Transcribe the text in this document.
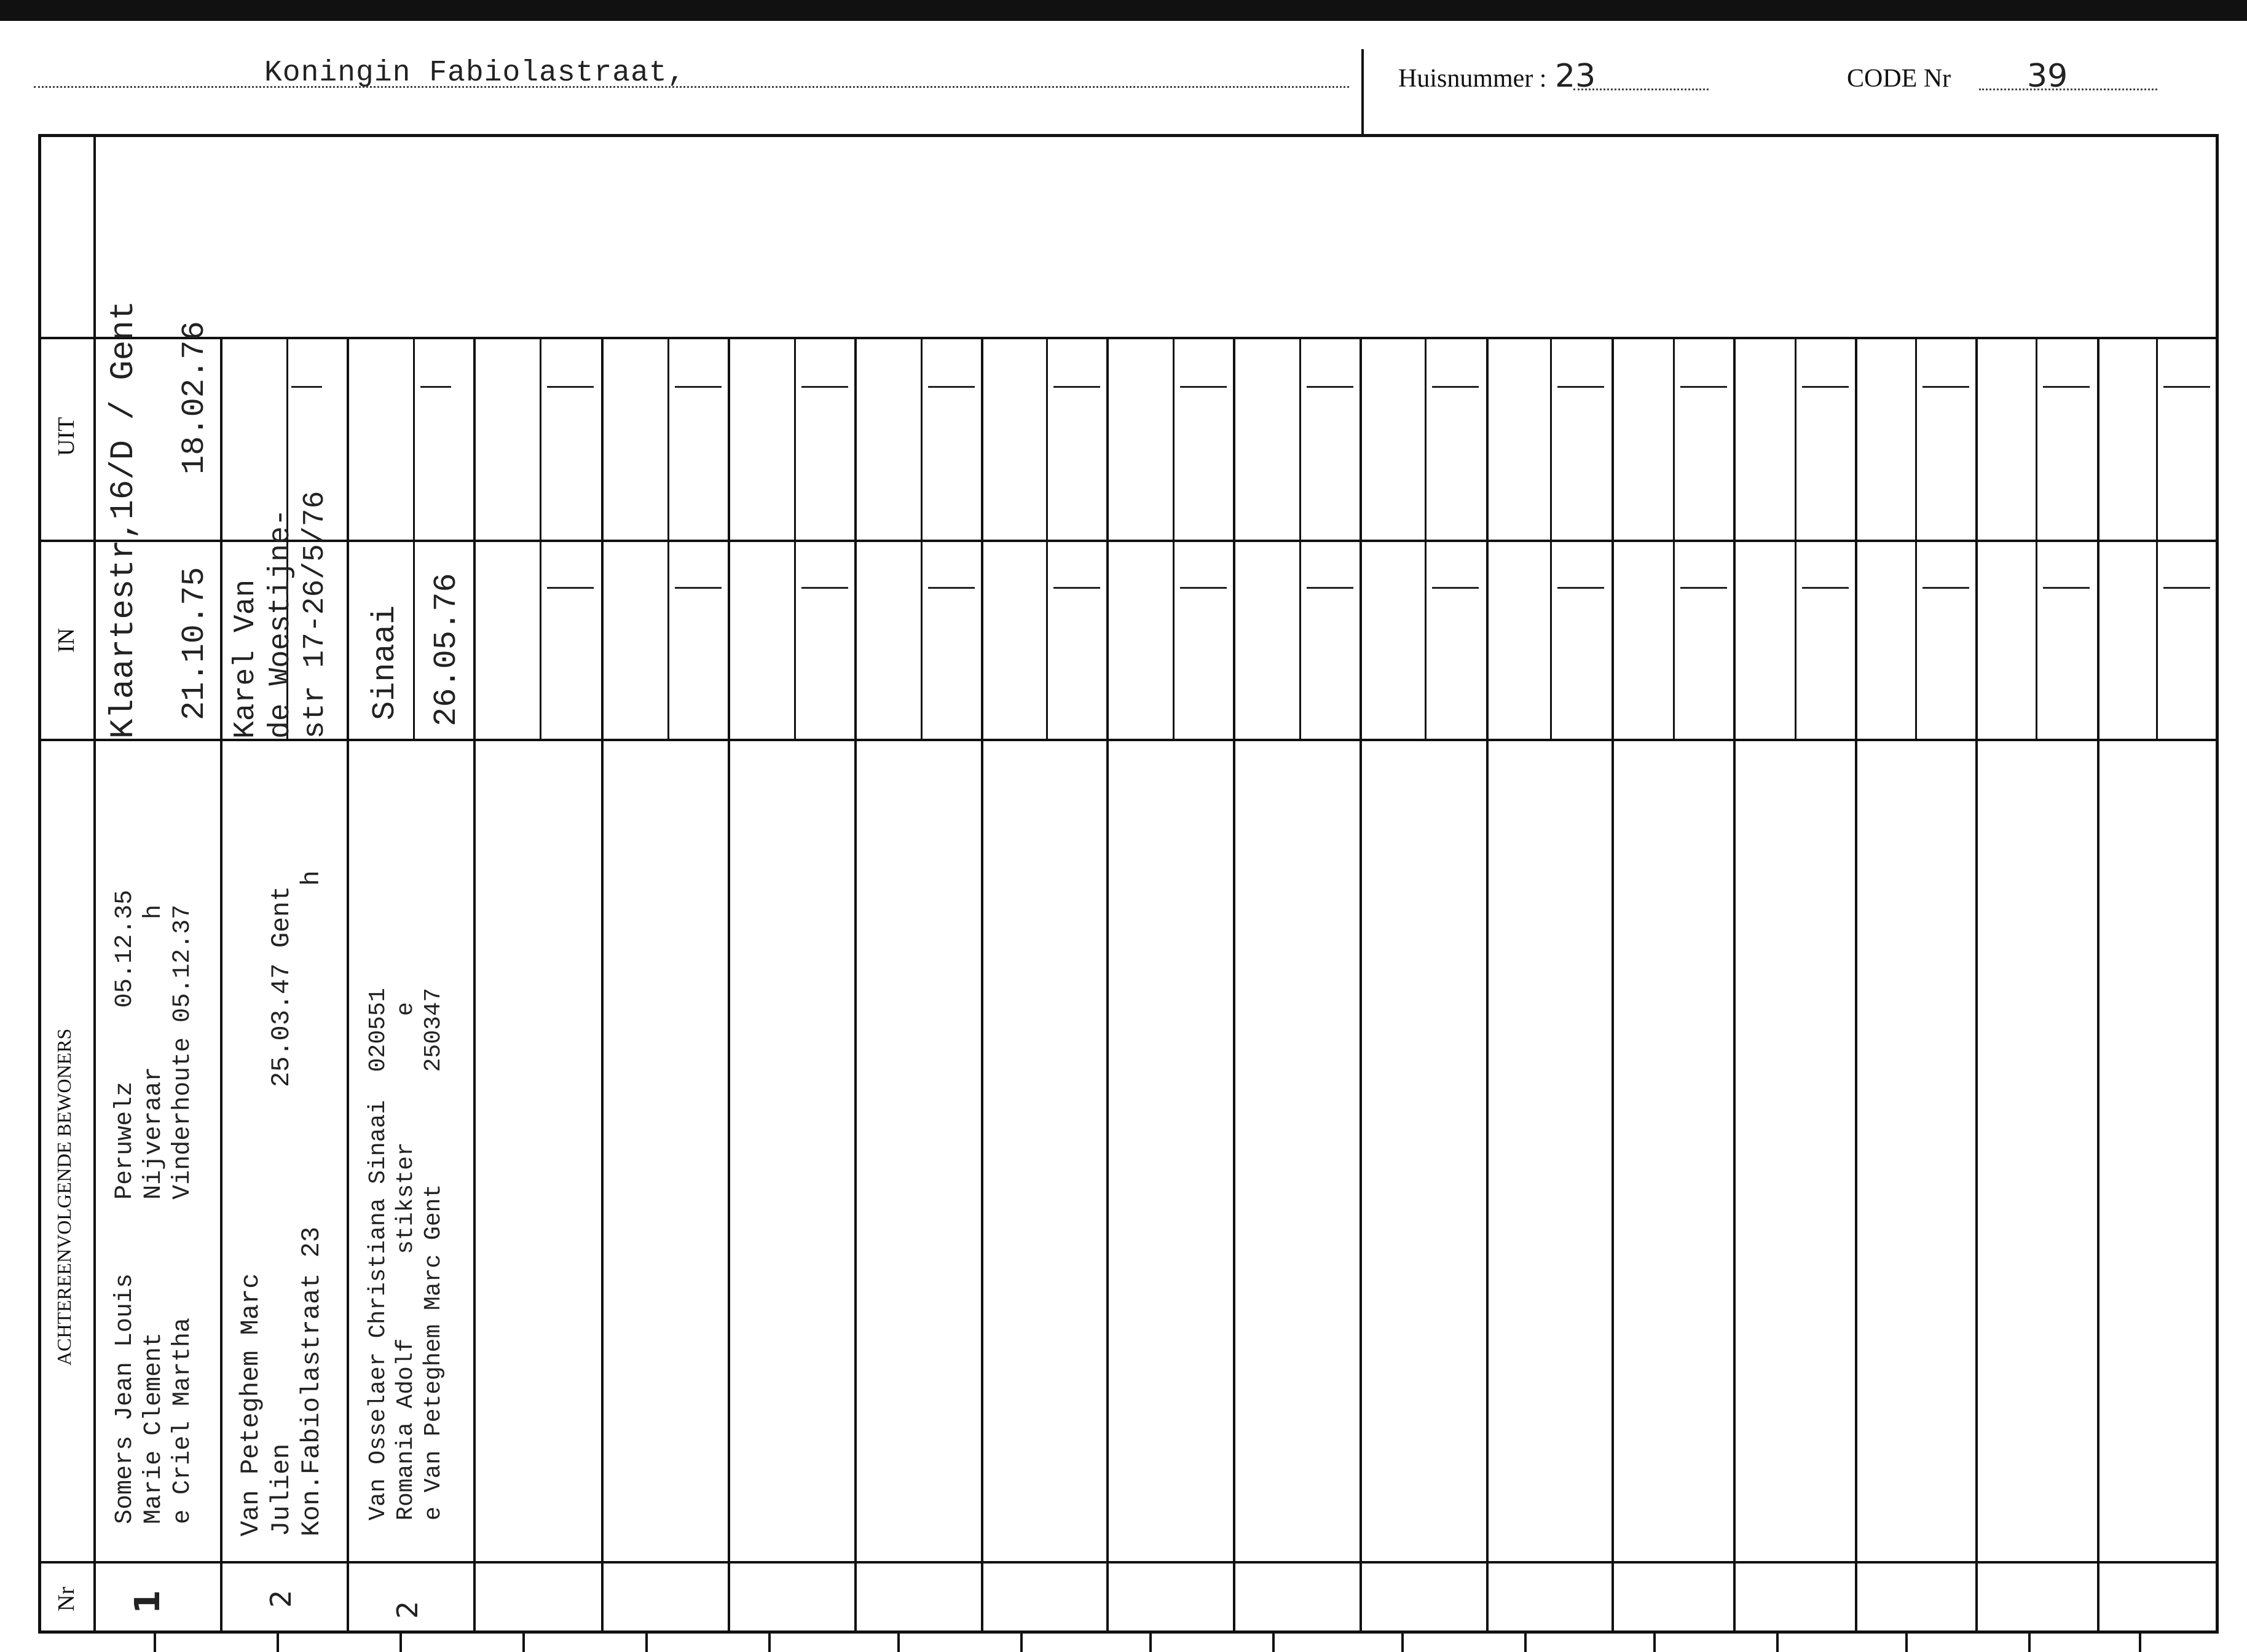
Koningin Fabiolastraat,	Huisnummer : 23	CODE Nr 39
UIT
IN
ACHTEREENVOLGENDE BEWONERS
Nr
Klaartestr,16/D / Gent 21.10.75
18.02.76
Somers Jean Louis     Peruwelz     05.12.35
Marie Clement         Nijveraar          h
e Criel Martha        Vinderhoute 05.12.37
1
Karel Van
de Woestijne-
str 17-26/5/76
Van Peteghem Marc
Julien                       25.03.47 Gent
Kon.Fabiolastraat 23                      h
2
Sinaai 26.05.76
Van Osselaer Christiana Sinaai  020551
Romania Adolf      stikster         e
e Van Peteghem Marc Gent        250347
2
